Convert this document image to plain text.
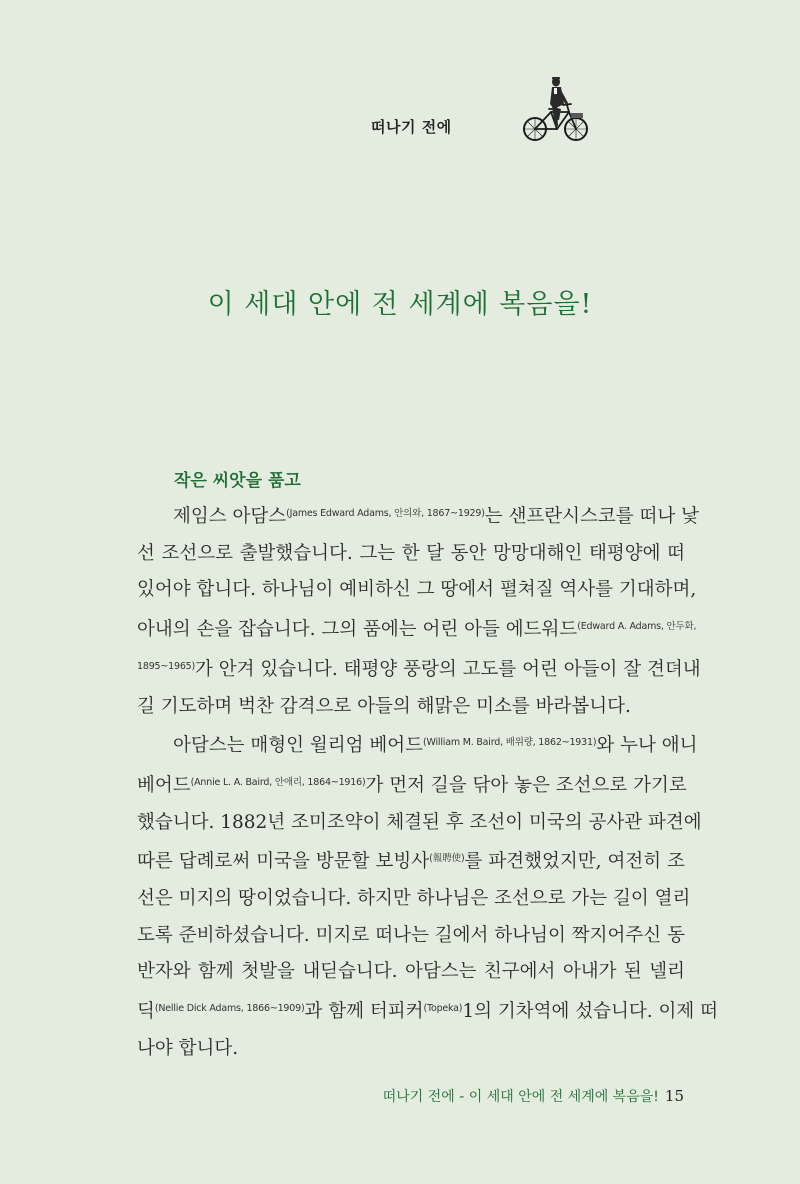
떠나기 전에
이 세대 안에 전 세계에 복음을!
작은 씨앗을 품고

제임스 아담스$^{(James Edward Adams, 안의와, 1867\sim 1929)}$는 샌프란시스코를 떠나 낯
선 조선으로 출발했습니다. 그는 한 달 동안 망망대해인 태평양에 떠
있어야 합니다. 하나님이 예비하신 그 땅에서 펼쳐질 역사를 기대하며,
아내의 손을 잡습니다. 그의 품에는 어린 아들 에드워드$^{(Edward A. Adams, 안두화,}$
$^{1895\sim 1965)}$가 안겨 있습니다. 태평양 풍랑의 고도를 어린 아들이 잘 견뎌내
길 기도하며 벅찬 감격으로 아들의 해맑은 미소를 바라봅니다.

아담스는 매형인 윌리엄 베어드$^{(William M. Baird, 배위량, 1862\sim 1931)}$와 누나 애니
베어드$^{(Annie L. A. Baird, 안애리, 1864\sim 1916)}$가 먼저 길을 닦아 놓은 조선으로 가기로
했습니다. 1882년 조미조약이 체결된 후 조선이 미국의 공사관 파견에
따른 답례로써 미국을 방문할 보빙사$^{(報聘使)}$를 파견했었지만, 여전히 조
선은 미지의 땅이었습니다. 하지만 하나님은 조선으로 가는 길이 열리
도록 준비하셨습니다. 미지로 떠나는 길에서 하나님이 짝지어주신 동
반자와 함께 첫발을 내딛습니다. 아담스는 친구에서 아내가 된 넬리
딕$^{(Nellie Dick Adams, 1866\sim 1909)}$과 함께 터피커$^{(Topeka)}$1의 기차역에 섰습니다. 이제 떠
나야 합니다.

떠나기 전에 - 이 세대 안에 전 세계에 복음을! 15
